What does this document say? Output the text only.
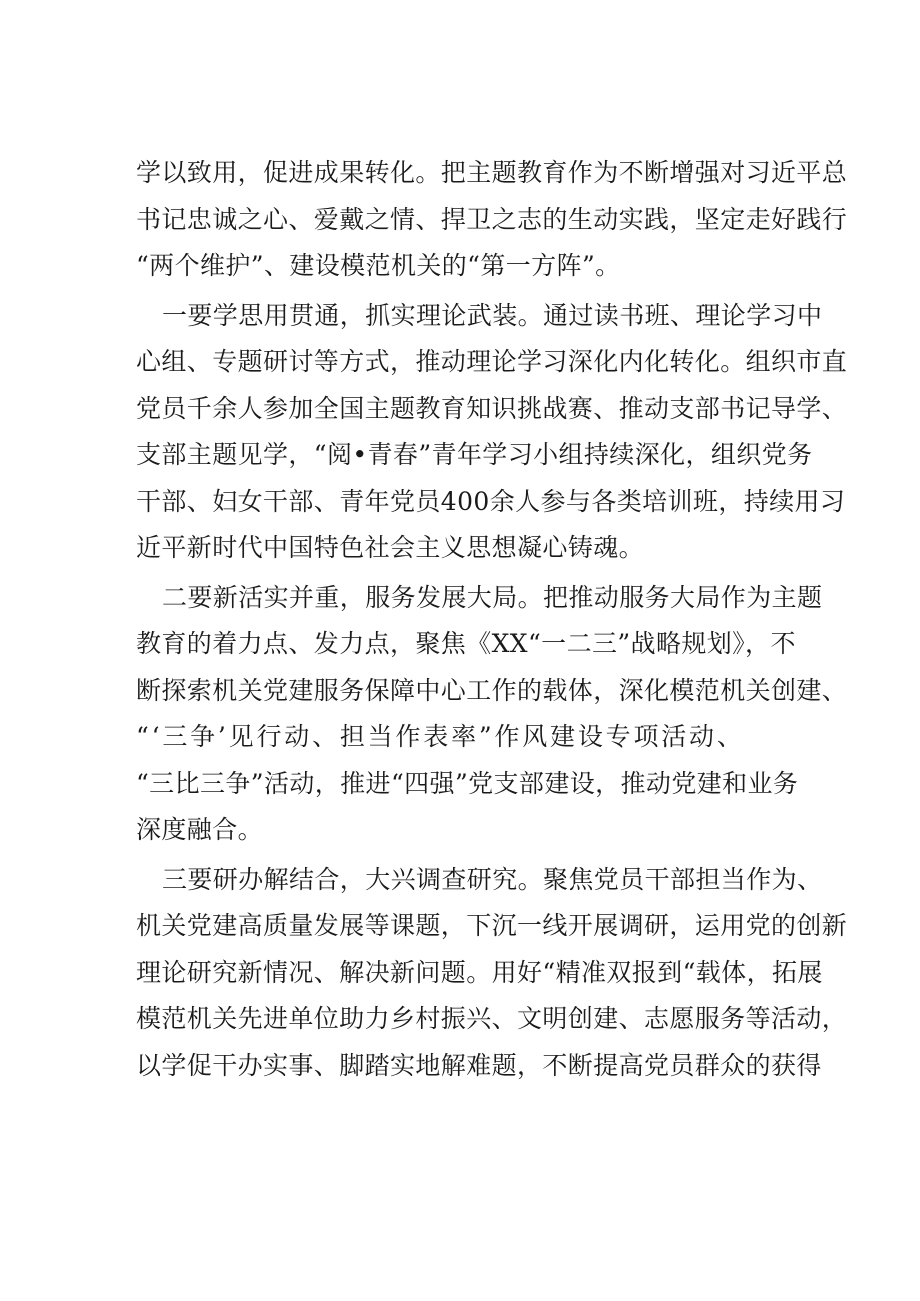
学以致用，促进成果转化。把主题教育作为不断增强对习近平总
书记忠诚之心、爱戴之情、捍卫之志的生动实践，坚定走好践行
“两个维护”、建设模范机关的“第一方阵”。

一要学思用贯通，抓实理论武装。通过读书班、理论学习中
心组、专题研讨等方式，推动理论学习深化内化转化。组织市直
党员千余人参加全国主题教育知识挑战赛、推动支部书记导学、
支部主题见学，“阅•青春”青年学习小组持续深化，组织党务
干部、妇女干部、青年党员400余人参与各类培训班，持续用习
近平新时代中国特色社会主义思想凝心铸魂。

二要新活实并重，服务发展大局。把推动服务大局作为主题
教育的着力点、发力点，聚焦《XX“一二三”战略规划》，不
断探索机关党建服务保障中心工作的载体，深化模范机关创建、
“‘三争’见行动、担当作表率”作风建设专项活动、
“三比三争”活动，推进“四强”党支部建设，推动党建和业务
深度融合。

三要研办解结合，大兴调查研究。聚焦党员干部担当作为、
机关党建高质量发展等课题，下沉一线开展调研，运用党的创新
理论研究新情况、解决新问题。用好“精准双报到“载体，拓展
模范机关先进单位助力乡村振兴、文明创建、志愿服务等活动，
以学促干办实事、脚踏实地解难题，不断提高党员群众的获得
